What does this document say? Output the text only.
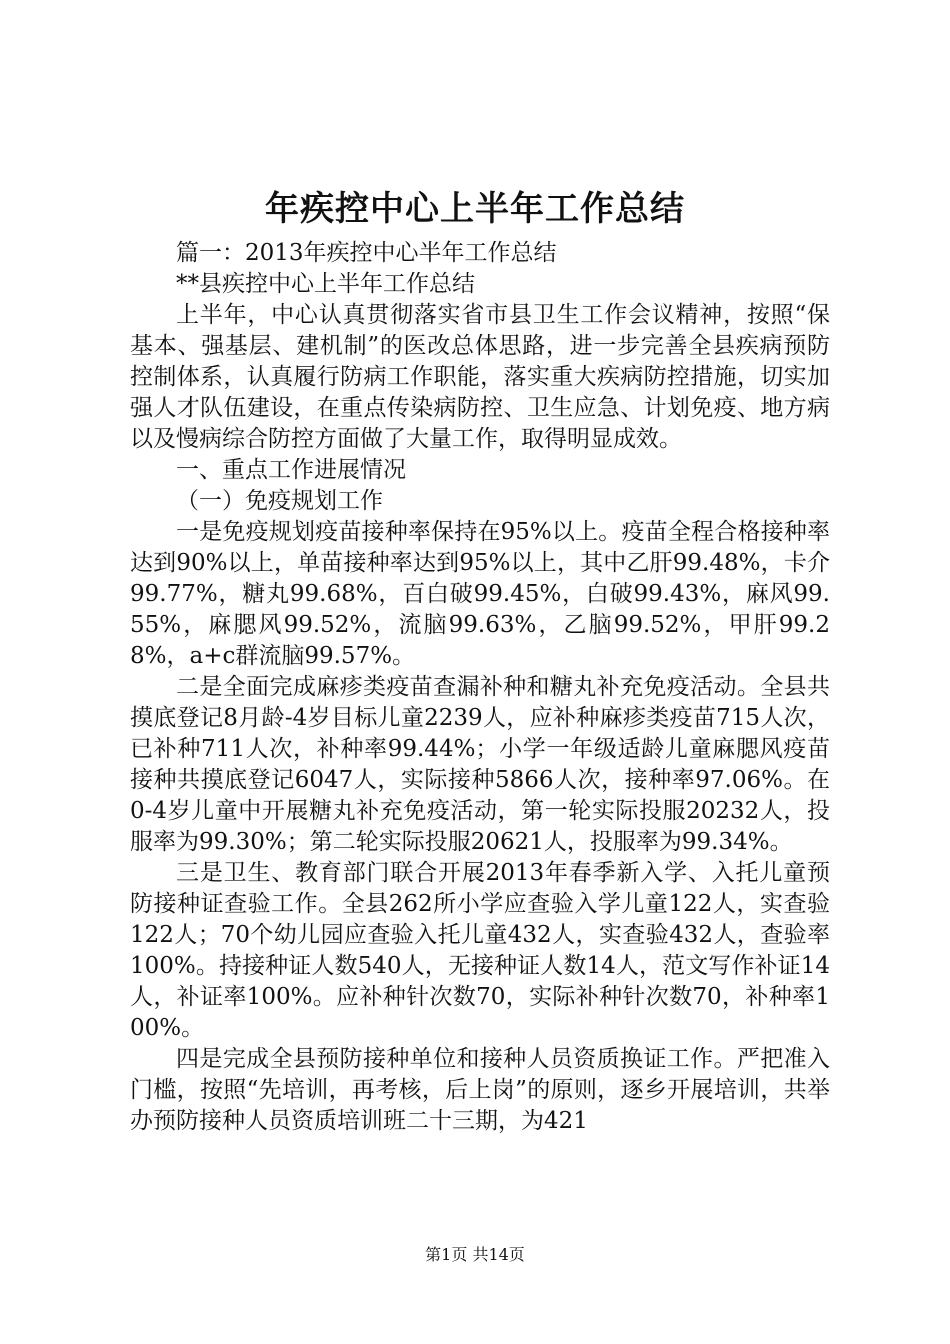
年疾控中心上半年工作总结

篇一：2013年疾控中心半年工作总结

**县疾控中心上半年工作总结

上半年，中心认真贯彻落实省市县卫生工作会议精神，按照“保基本、强基层、建机制”的医改总体思路，进一步完善全县疾病预防控制体系，认真履行防病工作职能，落实重大疾病防控措施，切实加强人才队伍建设，在重点传染病防控、卫生应急、计划免疫、地方病以及慢病综合防控方面做了大量工作，取得明显成效。

一、重点工作进展情况

（一）免疫规划工作

一是免疫规划疫苗接种率保持在95%以上。疫苗全程合格接种率达到90%以上，单苗接种率达到95%以上，其中乙肝99.48%，卡介99.77%，糖丸99.68%，百白破99.45%，白破99.43%，麻风99.55%，麻腮风99.52%，流脑99.63%，乙脑99.52%，甲肝99.28%，a+c群流脑99.57%。

二是全面完成麻疹类疫苗查漏补种和糖丸补充免疫活动。全县共摸底登记8月龄-4岁目标儿童2239人，应补种麻疹类疫苗715人次，已补种711人次，补种率99.44%；小学一年级适龄儿童麻腮风疫苗接种共摸底登记6047人，实际接种5866人次，接种率97.06%。在0-4岁儿童中开展糖丸补充免疫活动，第一轮实际投服20232人，投服率为99.30%；第二轮实际投服20621人，投服率为99.34%。

三是卫生、教育部门联合开展2013年春季新入学、入托儿童预防接种证查验工作。全县262所小学应查验入学儿童122人，实查验122人；70个幼儿园应查验入托儿童432人，实查验432人，查验率100%。持接种证人数540人，无接种证人数14人，范文写作补证14人，补证率100%。应补种针次数70，实际补种针次数70，补种率100%。

四是完成全县预防接种单位和接种人员资质换证工作。严把准入门槛，按照“先培训，再考核，后上岗”的原则，逐乡开展培训，共举办预防接种人员资质培训班二十三期，为421

第1页 共14页
